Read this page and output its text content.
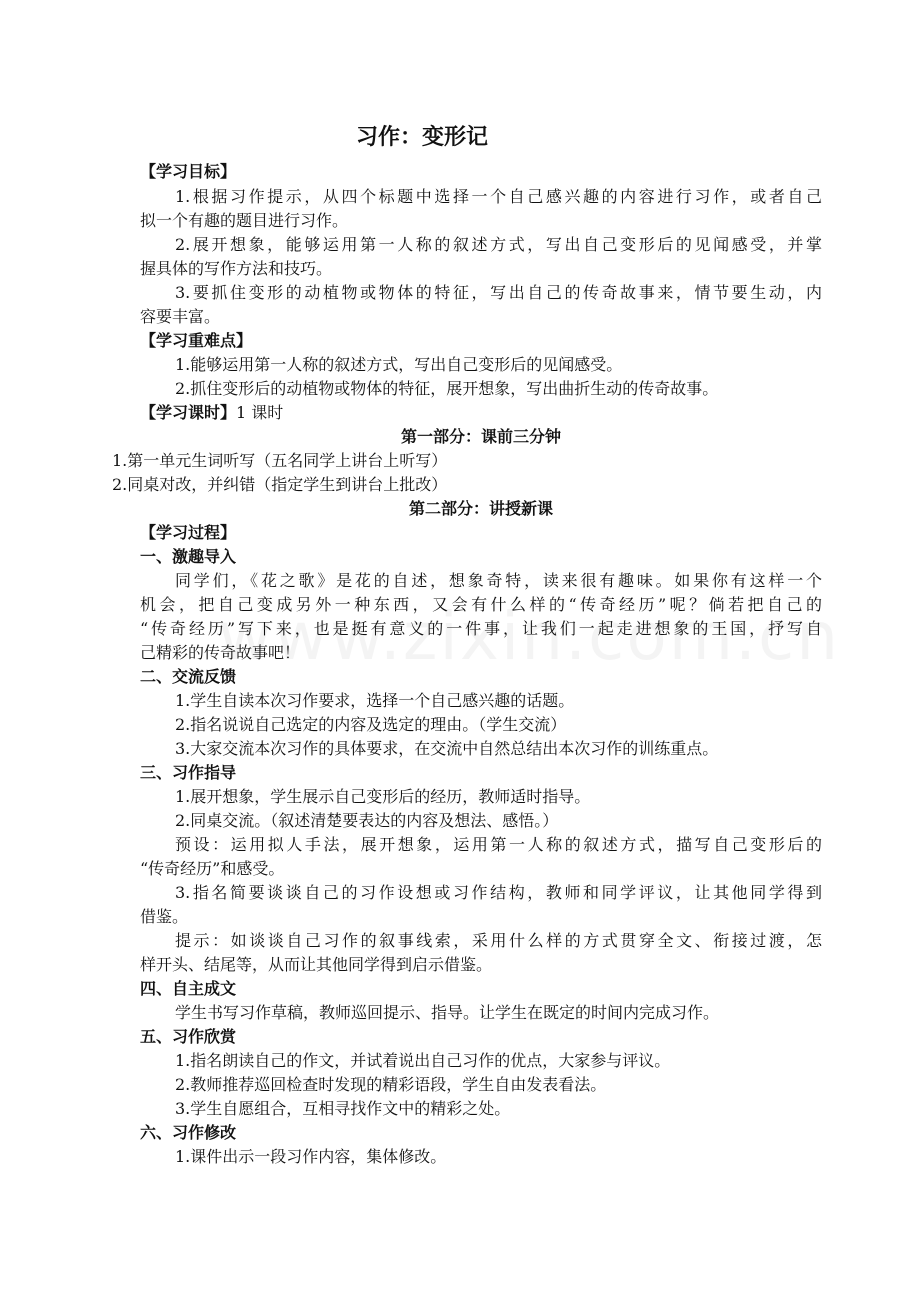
习作：变形记

【学习目标】

1.根据习作提示，从四个标题中选择一个自己感兴趣的内容进行习作，或者自己

拟一个有趣的题目进行习作。

2.展开想象，能够运用第一人称的叙述方式，写出自己变形后的见闻感受，并掌

握具体的写作方法和技巧。

3.要抓住变形的动植物或物体的特征，写出自己的传奇故事来，情节要生动，内

容要丰富。

【学习重难点】

1.能够运用第一人称的叙述方式，写出自己变形后的见闻感受。

2.抓住变形后的动植物或物体的特征，展开想象，写出曲折生动的传奇故事。

【学习课时】1 课时

第一部分：课前三分钟

1.第一单元生词听写（五名同学上讲台上听写）

2.同桌对改，并纠错（指定学生到讲台上批改）

第二部分：讲授新课

【学习过程】

一、激趣导入

同学们，《花之歌》是花的自述，想象奇特，读来很有趣味。如果你有这样一个

机会，把自己变成另外一种东西，又会有什么样的“传奇经历”呢？倘若把自己的

“传奇经历”写下来，也是挺有意义的一件事，让我们一起走进想象的王国，抒写自

己精彩的传奇故事吧！

二、交流反馈

1.学生自读本次习作要求，选择一个自己感兴趣的话题。

2.指名说说自己选定的内容及选定的理由。（学生交流）

3.大家交流本次习作的具体要求，在交流中自然总结出本次习作的训练重点。

三、习作指导

1.展开想象，学生展示自己变形后的经历，教师适时指导。

2.同桌交流。（叙述清楚要表达的内容及想法、感悟。）

预设：运用拟人手法，展开想象，运用第一人称的叙述方式，描写自己变形后的

“传奇经历”和感受。

3.指名简要谈谈自己的习作设想或习作结构，教师和同学评议，让其他同学得到

借鉴。

提示：如谈谈自己习作的叙事线索，采用什么样的方式贯穿全文、衔接过渡，怎

样开头、结尾等，从而让其他同学得到启示借鉴。

四、自主成文

学生书写习作草稿，教师巡回提示、指导。让学生在既定的时间内完成习作。

五、习作欣赏

1.指名朗读自己的作文，并试着说出自己习作的优点，大家参与评议。

2.教师推荐巡回检查时发现的精彩语段，学生自由发表看法。

3.学生自愿组合，互相寻找作文中的精彩之处。

六、习作修改

1.课件出示一段习作内容，集体修改。
